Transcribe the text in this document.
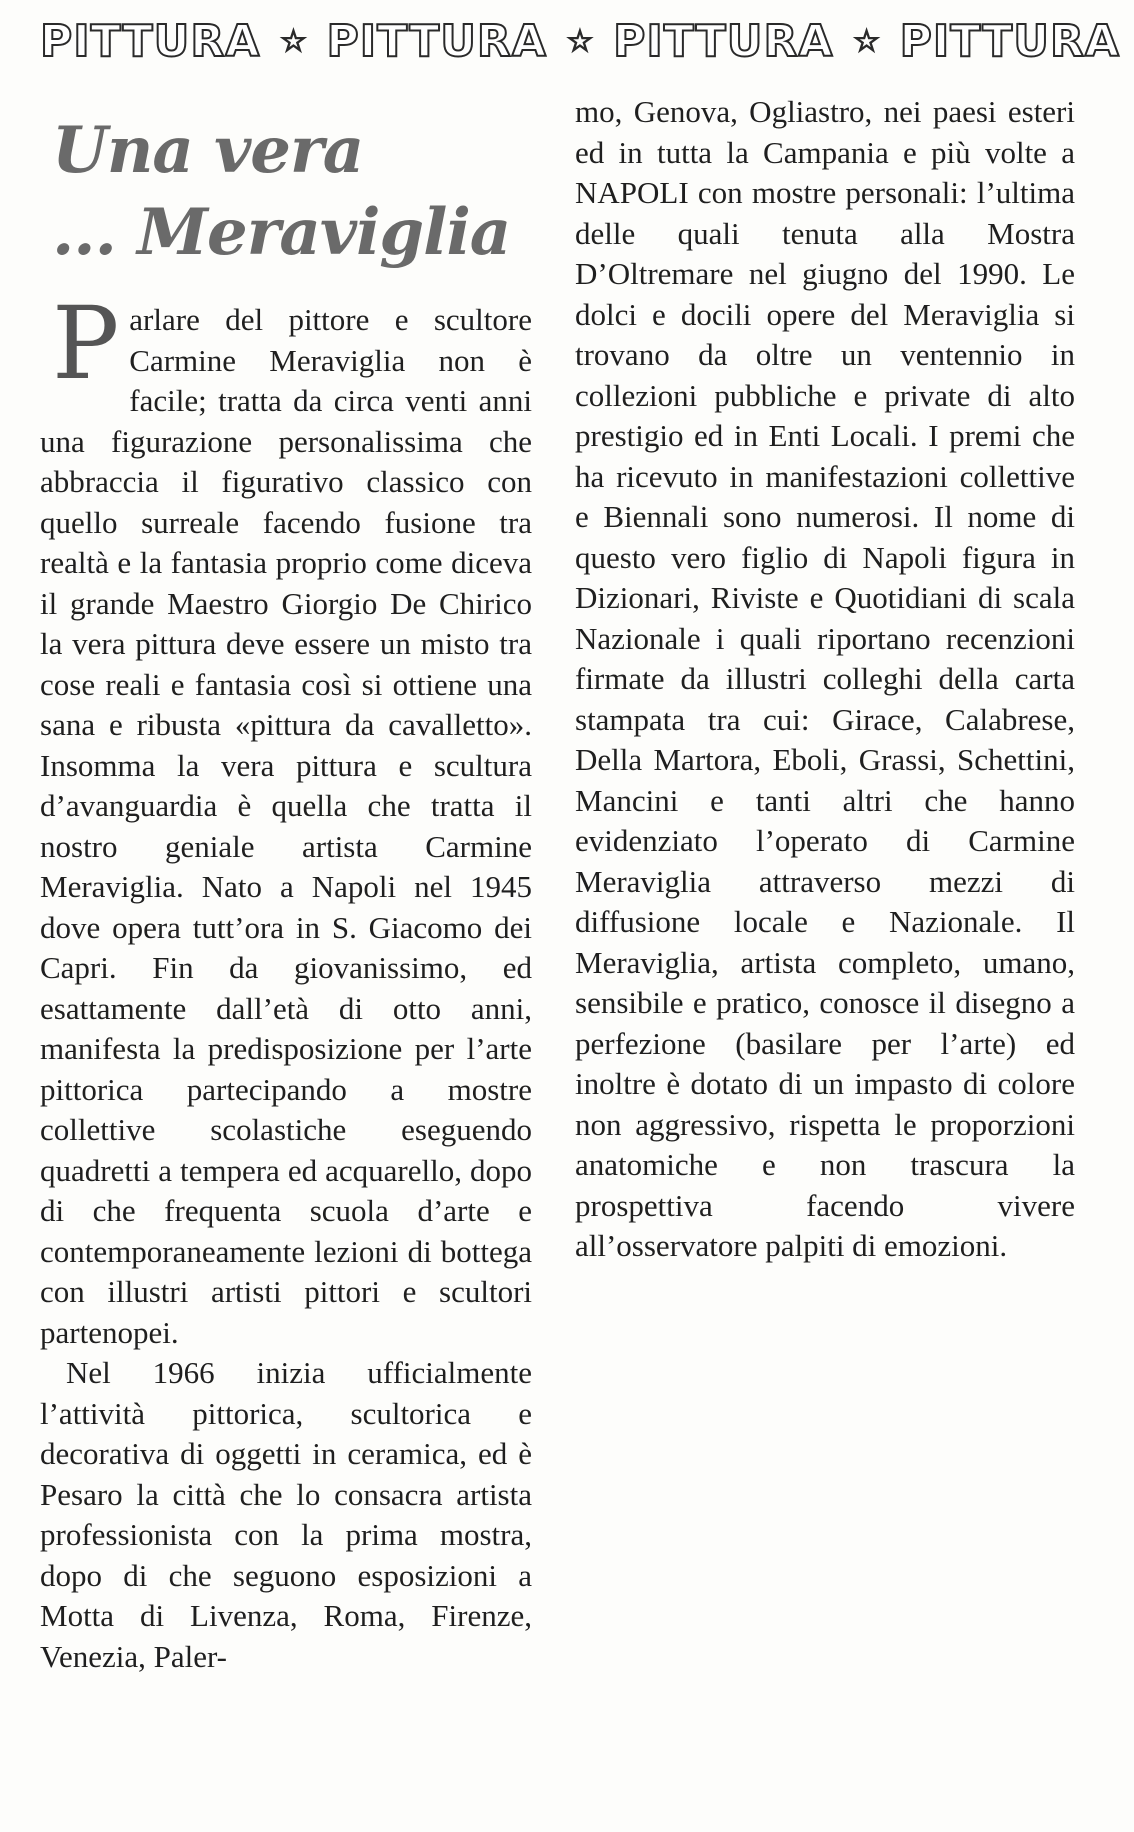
PITTURA ☆ PITTURA ☆ PITTURA ☆ PITTURA
Una vera
... Meraviglia

Parlare del pittore e scultore Carmine Meraviglia non è facile; tratta da circa venti anni una figurazione personalissima che abbraccia il figurativo classico con quello surreale facendo fusione tra realtà e la fantasia proprio come diceva il grande Maestro Giorgio De Chirico la vera pittura deve essere un misto tra cose reali e fantasia così si ottiene una sana e ribusta «pittura da cavalletto». Insomma la vera pittura e scultura d’avanguardia è quella che tratta il nostro geniale artista Carmine Meraviglia. Nato a Napoli nel 1945 dove opera tutt’ora in S. Giacomo dei Capri. Fin da giovanissimo, ed esattamente dall’età di otto anni, manifesta la predisposizione per l’arte pittorica partecipando a mostre collettive scolastiche eseguendo quadretti a tempera ed acquarello, dopo di che frequenta scuola d’arte e contemporaneamente lezioni di bottega con illustri artisti pittori e scultori partenopei.

Nel 1966 inizia ufficialmente l’attività pittorica, scultorica e decorativa di oggetti in ceramica, ed è Pesaro la città che lo consacra artista professionista con la prima mostra, dopo di che seguono esposizioni a Motta di Livenza, Roma, Firenze, Venezia, Paler-

mo, Genova, Ogliastro, nei paesi esteri ed in tutta la Campania e più volte a NAPOLI con mostre personali: l’ultima delle quali tenuta alla Mostra D’Oltremare nel giugno del 1990. Le dolci e docili opere del Meraviglia si trovano da oltre un ventennio in collezioni pubbliche e private di alto prestigio ed in Enti Locali. I premi che ha ricevuto in manifestazioni collettive e Biennali sono numerosi. Il nome di questo vero figlio di Napoli figura in Dizionari, Riviste e Quotidiani di scala Nazionale i quali riportano recenzioni firmate da illustri colleghi della carta stampata tra cui: Girace, Calabrese, Della Martora, Eboli, Grassi, Schettini, Mancini e tanti altri che hanno evidenziato l’operato di Carmine Meraviglia attraverso mezzi di diffusione locale e Nazionale. Il Meraviglia, artista completo, umano, sensibile e pratico, conosce il disegno a perfezione (basilare per l’arte) ed inoltre è dotato di un impasto di colore non aggressivo, rispetta le proporzioni anatomiche e non trascura la prospettiva facendo vivere all’osservatore palpiti di emozioni.
